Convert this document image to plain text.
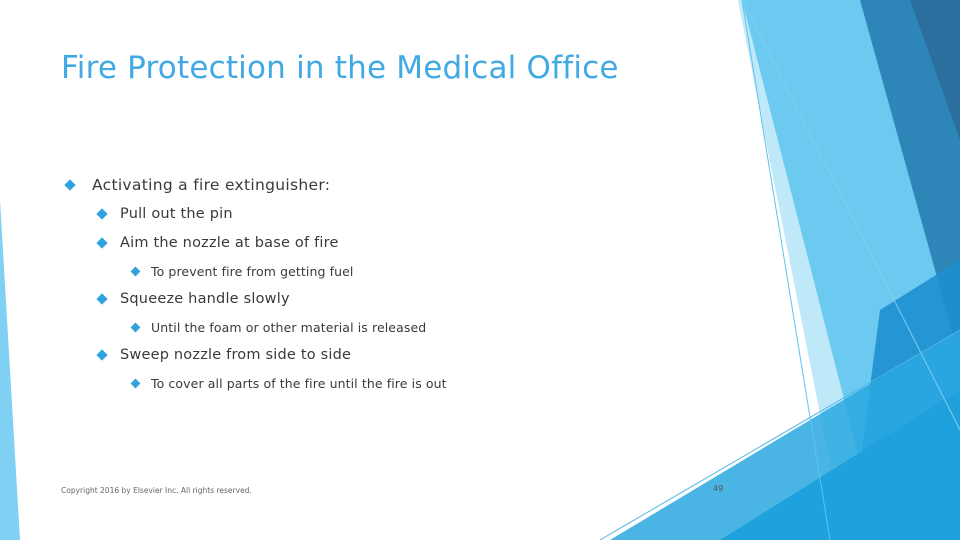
Fire Protection in the Medical Office
Activating a fire extinguisher:
Pull out the pin
Aim the nozzle at base of fire
To prevent fire from getting fuel
Squeeze handle slowly
Until the foam or other material is released
Sweep nozzle from side to side
To cover all parts of the fire until the fire is out
Copyright 2016 by Elsevier Inc. All rights reserved.	49
